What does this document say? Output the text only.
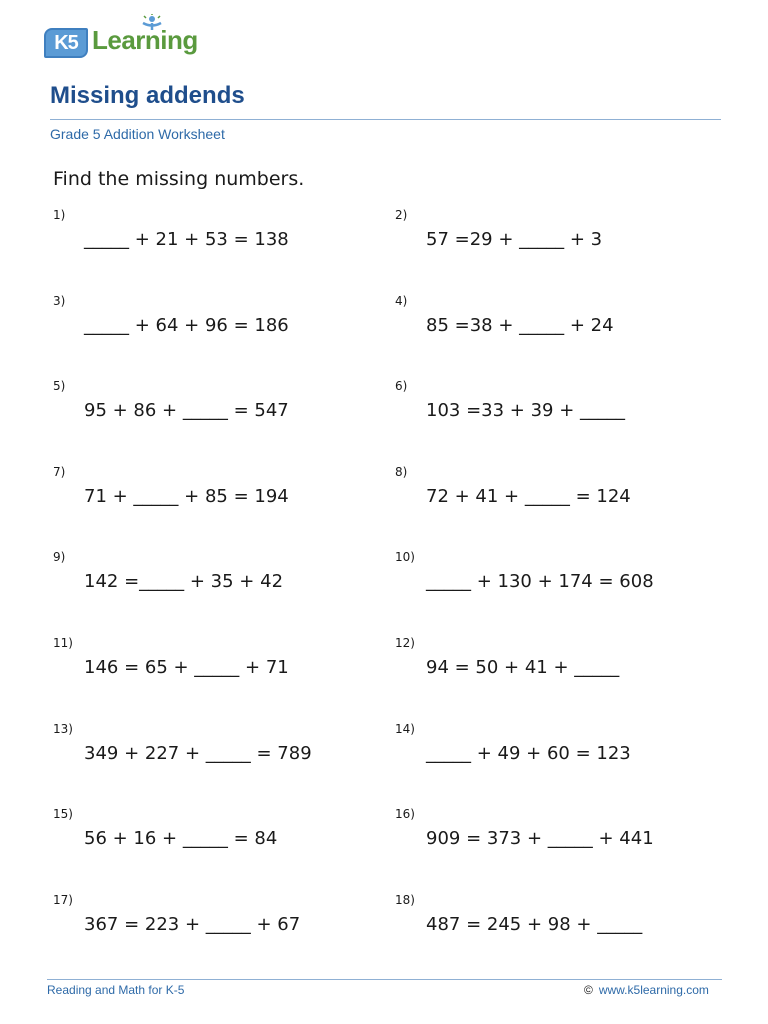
K5 Learning
Missing addends
Grade 5 Addition Worksheet
Find the missing numbers.
1)
_____ + 21 + 53 = 138
2)
57 =29 + _____ + 3
3)
_____ + 64 + 96 = 186
4)
85 =38 + _____ + 24
5)
95 + 86 + _____ = 547
6)
103 =33 + 39 + _____
7)
71 + _____ + 85 = 194
8)
72 + 41 + _____ = 124
9)
142 =_____ + 35 + 42
10)
_____ + 130 + 174 = 608
11)
146 = 65 + _____ + 71
12)
94 = 50 + 41 + _____
13)
349 + 227 + _____ = 789
14)
_____ + 49 + 60 = 123
15)
56 + 16 + _____ = 84
16)
909 = 373 + _____ + 441
17)
367 = 223 + _____ + 67
18)
487 = 245 + 98 + _____
Reading and Math for K-5	© www.k5learning.com
